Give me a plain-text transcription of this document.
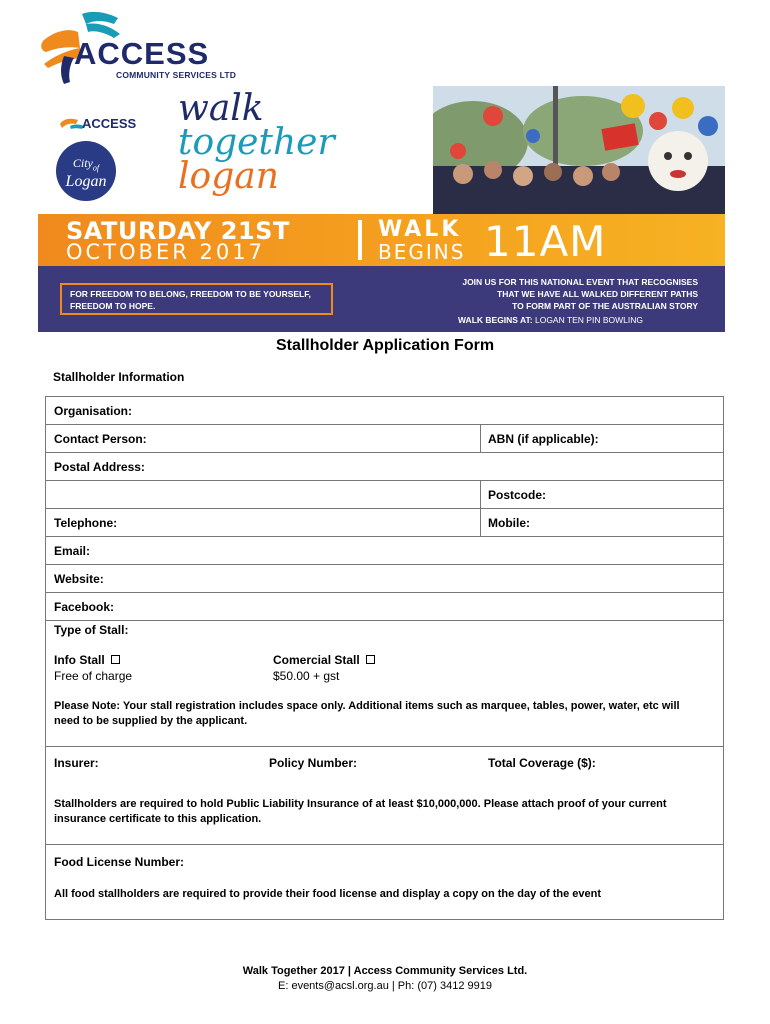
ACCESS
COMMUNITY SERVICES LTD
ACCESS
City$_{of}$
Logan
walk
together
logan
SATURDAY 21ST
OCTOBER 2017
WALK
BEGINS 11AM
FOR FREEDOM TO BELONG, FREEDOM TO BE YOURSELF, FREEDOM TO HOPE.

JOIN US FOR THIS NATIONAL EVENT THAT RECOGNISES

THAT WE HAVE ALL WALKED DIFFERENT PATHS

TO FORM PART OF THE AUSTRALIAN STORY

WALK BEGINS AT: LOGAN TEN PIN BOWLING
Stallholder Application Form
Stallholder Information
Organisation:
Contact Person:	ABN (if applicable):
Postal Address:
Postcode:
Telephone:	Mobile:
Email:
Website:
Facebook:
Type of Stall:
Info Stall
Free of charge
Comercial Stall
$50.00 + gst
Please Note: Your stall registration includes space only. Additional items such as marquee, tables, power, water, etc will
need to be supplied by the applicant.
Insurer:	Policy Number:	Total Coverage ($):
Stallholders are required to hold Public Liability Insurance of at least $10,000,000. Please attach proof of your current
insurance certificate to this application.
Food License Number:
All food stallholders are required to provide their food license and display a copy on the day of the event
Walk Together 2017 | Access Community Services Ltd.
E: events@acsl.org.au | Ph: (07) 3412 9919
